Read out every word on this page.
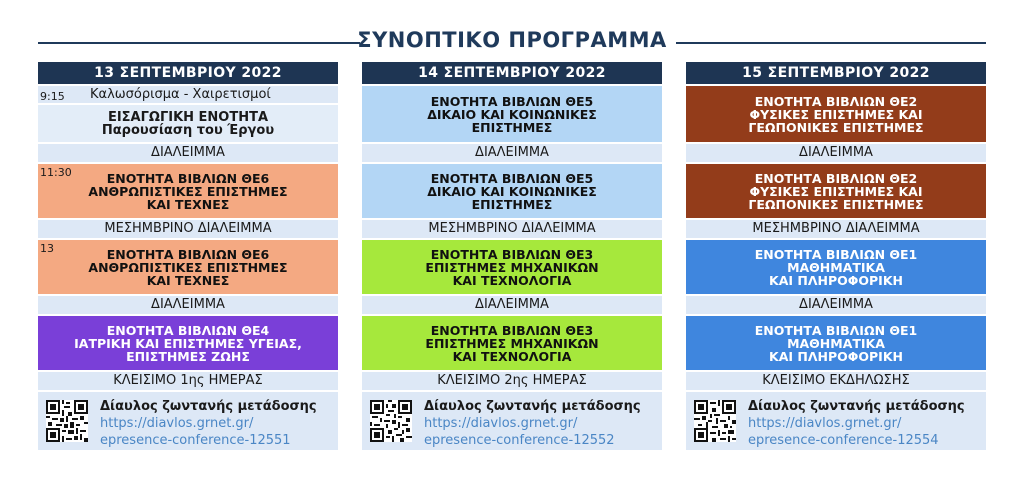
ΣΥΝΟΠΤΙΚΟ ΠΡΟΓΡΑΜΜΑ
13 ΣΕΠΤΕΜΒΡΙΟΥ 2022
9:15 Καλωσόρισμα - Χαιρετισμοί
ΕΙΣΑΓΩΓΙΚΗ ΕΝΟΤΗΤΑ
Παρουσίαση του Έργου
ΔΙΑΛΕΙΜΜΑ
11:30	ΕΝΟΤΗΤΑ ΒΙΒΛΙΩΝ ΘΕ6
ΑΝΘΡΩΠΙΣΤΙΚΕΣ ΕΠΙΣΤΗΜΕΣ
ΚΑΙ ΤΕΧΝΕΣ
ΜΕΣΗΜΒΡΙΝΟ ΔΙΑΛΕΙΜΜΑ
13	ΕΝΟΤΗΤΑ ΒΙΒΛΙΩΝ ΘΕ6
ΑΝΘΡΩΠΙΣΤΙΚΕΣ ΕΠΙΣΤΗΜΕΣ
ΚΑΙ ΤΕΧΝΕΣ
ΔΙΑΛΕΙΜΜΑ
ΕΝΟΤΗΤΑ ΒΙΒΛΙΩΝ ΘΕ4
ΙΑΤΡΙΚΗ ΚΑΙ ΕΠΙΣΤΗΜΕΣ ΥΓΕΙΑΣ,
ΕΠΙΣΤΗΜΕΣ ΖΩΗΣ
ΚΛΕΙΣΙΜΟ 1ης ΗΜΕΡΑΣ
Δίαυλος ζωντανής μετάδοσης
https://diavlos.grnet.gr/
epresence-conference-12551
14 ΣΕΠΤΕΜΒΡΙΟΥ 2022
ΕΝΟΤΗΤΑ ΒΙΒΛΙΩΝ ΘΕ5
ΔΙΚΑΙΟ ΚΑΙ ΚΟΙΝΩΝΙΚΕΣ
ΕΠΙΣΤΗΜΕΣ
ΔΙΑΛΕΙΜΜΑ
ΕΝΟΤΗΤΑ ΒΙΒΛΙΩΝ ΘΕ5
ΔΙΚΑΙΟ ΚΑΙ ΚΟΙΝΩΝΙΚΕΣ
ΕΠΙΣΤΗΜΕΣ
ΜΕΣΗΜΒΡΙΝΟ ΔΙΑΛΕΙΜΜΑ
ΕΝΟΤΗΤΑ ΒΙΒΛΙΩΝ ΘΕ3
ΕΠΙΣΤΗΜΕΣ ΜΗΧΑΝΙΚΩΝ
ΚΑΙ ΤΕΧΝΟΛΟΓΙΑ
ΔΙΑΛΕΙΜΜΑ
ΕΝΟΤΗΤΑ ΒΙΒΛΙΩΝ ΘΕ3
ΕΠΙΣΤΗΜΕΣ ΜΗΧΑΝΙΚΩΝ
ΚΑΙ ΤΕΧΝΟΛΟΓΙΑ
ΚΛΕΙΣΙΜΟ 2ης ΗΜΕΡΑΣ
Δίαυλος ζωντανής μετάδοσης
https://diavlos.grnet.gr/
epresence-conference-12552
15 ΣΕΠΤΕΜΒΡΙΟΥ 2022
ΕΝΟΤΗΤΑ ΒΙΒΛΙΩΝ ΘΕ2
ΦΥΣΙΚΕΣ ΕΠΙΣΤΗΜΕΣ ΚΑΙ
ΓΕΩΠΟΝΙΚΕΣ ΕΠΙΣΤΗΜΕΣ
ΔΙΑΛΕΙΜΜΑ
ΕΝΟΤΗΤΑ ΒΙΒΛΙΩΝ ΘΕ2
ΦΥΣΙΚΕΣ ΕΠΙΣΤΗΜΕΣ ΚΑΙ
ΓΕΩΠΟΝΙΚΕΣ ΕΠΙΣΤΗΜΕΣ
ΜΕΣΗΜΒΡΙΝΟ ΔΙΑΛΕΙΜΜΑ
ΕΝΟΤΗΤΑ ΒΙΒΛΙΩΝ ΘΕ1
ΜΑΘΗΜΑΤΙΚΑ
ΚΑΙ ΠΛΗΡΟΦΟΡΙΚΗ
ΔΙΑΛΕΙΜΜΑ
ΕΝΟΤΗΤΑ ΒΙΒΛΙΩΝ ΘΕ1
ΜΑΘΗΜΑΤΙΚΑ
ΚΑΙ ΠΛΗΡΟΦΟΡΙΚΗ
ΚΛΕΙΣΙΜΟ ΕΚΔΗΛΩΣΗΣ
Δίαυλος ζωντανής μετάδοσης
https://diavlos.grnet.gr/
epresence-conference-12554
